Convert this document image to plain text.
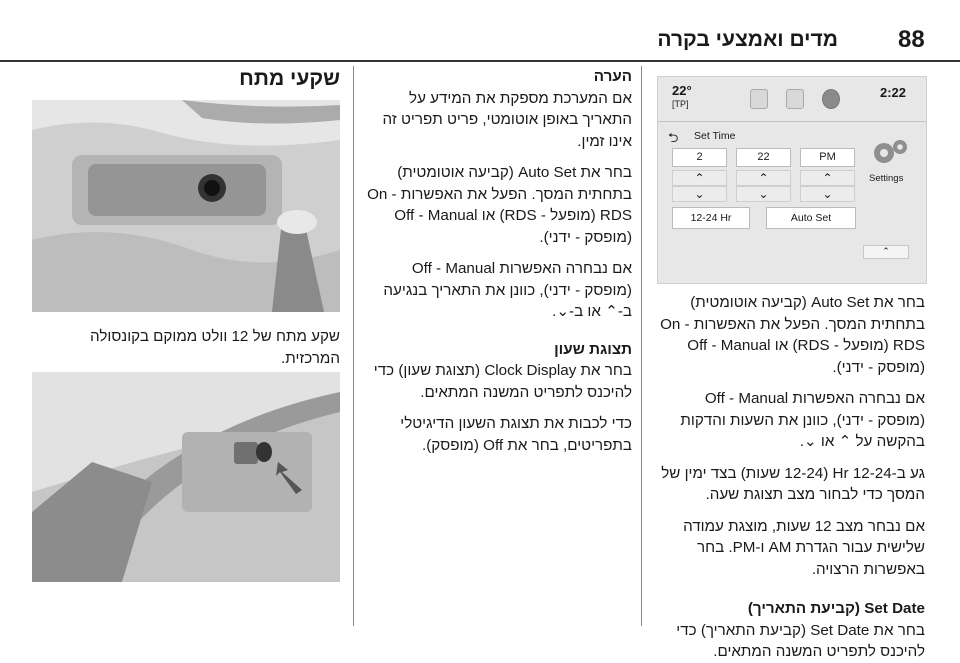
88
מדים ואמצעי בקרה
22°
[TP]
2:22
⮌ Set Time
2	22	PM
⌃	⌃	⌃
⌄	⌄	⌄
12-24 Hr	Auto Set
Settings
⌃

בחר את Auto Set (קביעה אוטומטית) בתחתית המסך. הפעל את האפשרות On - RDS (מופעל - RDS) או Off - Manual (מופסק - ידני).

אם נבחרה האפשרות Off - Manual (מופסק - ידני), כוונן את השעות והדקות בהקשה על ⌃ או ⌄.

גע ב-12-24 Hr (12-24 שעות) בצד ימין של המסך כדי לבחור מצב תצוגת שעה.

אם נבחר מצב 12 שעות, מוצגת עמודה שלישית עבור הגדרת AM ו-PM. בחר באפשרות הרצויה.

Set Date (קביעת התאריך)

בחר את Set Date (קביעת התאריך) כדי להיכנס לתפריט המשנה המתאים.

הערה

אם המערכת מספקת את המידע על התאריך באופן אוטומטי, פריט תפריט זה אינו זמין.

בחר את Auto Set (קביעה אוטומטית) בתחתית המסך. הפעל את האפשרות On - RDS (מופעל - RDS) או Off - Manual (מופסק - ידני).

אם נבחרה האפשרות Off - Manual (מופסק - ידני), כוונן את התאריך בנגיעה ב-⌃ או ב-⌄.

תצוגת שעון

בחר את Clock Display (תצוגת שעון) כדי להיכנס לתפריט המשנה המתאים.

כדי לכבות את תצוגת השעון הדיגיטלי בתפריטים, בחר את Off (מופסק).

שקעי מתח
שקע מתח של 12 וולט ממוקם בקונסולה המרכזית.
